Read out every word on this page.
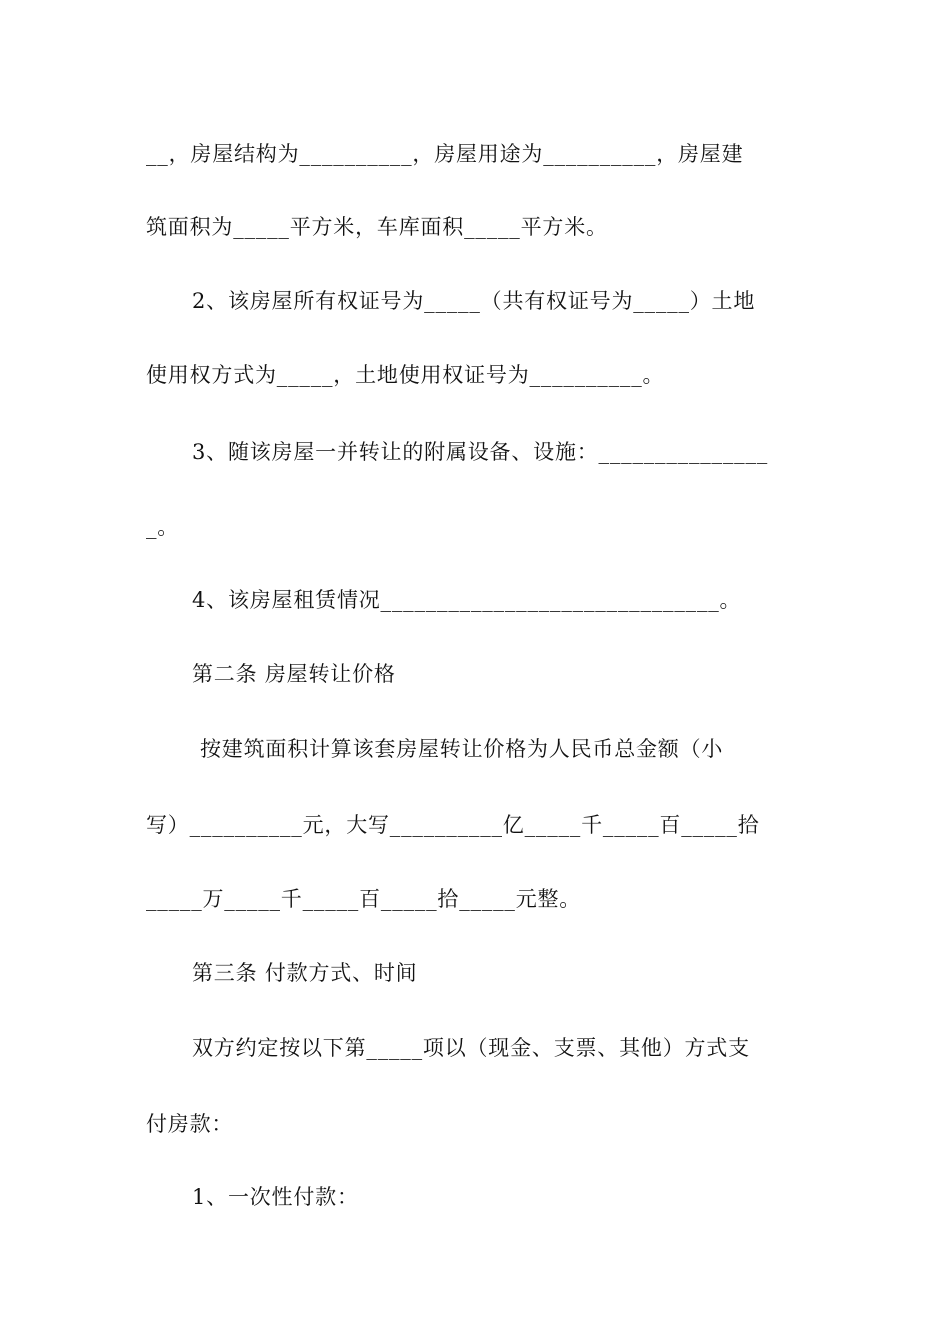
__，房屋结构为__________，房屋用途为__________，房屋建
筑面积为_____平方米，车库面积_____平方米。
2、该房屋所有权证号为_____（共有权证号为_____）土地
使用权方式为_____，土地使用权证号为__________。
3、随该房屋一并转让的附属设备、设施：_______________
_。
4、该房屋租赁情况______________________________。
第二条 房屋转让价格
按建筑面积计算该套房屋转让价格为人民币总金额（小
写）__________元，大写__________亿_____千_____百_____拾
_____万_____千_____百_____拾_____元整。
第三条 付款方式、时间
双方约定按以下第_____项以（现金、支票、其他）方式支
付房款：
1、一次性付款：
